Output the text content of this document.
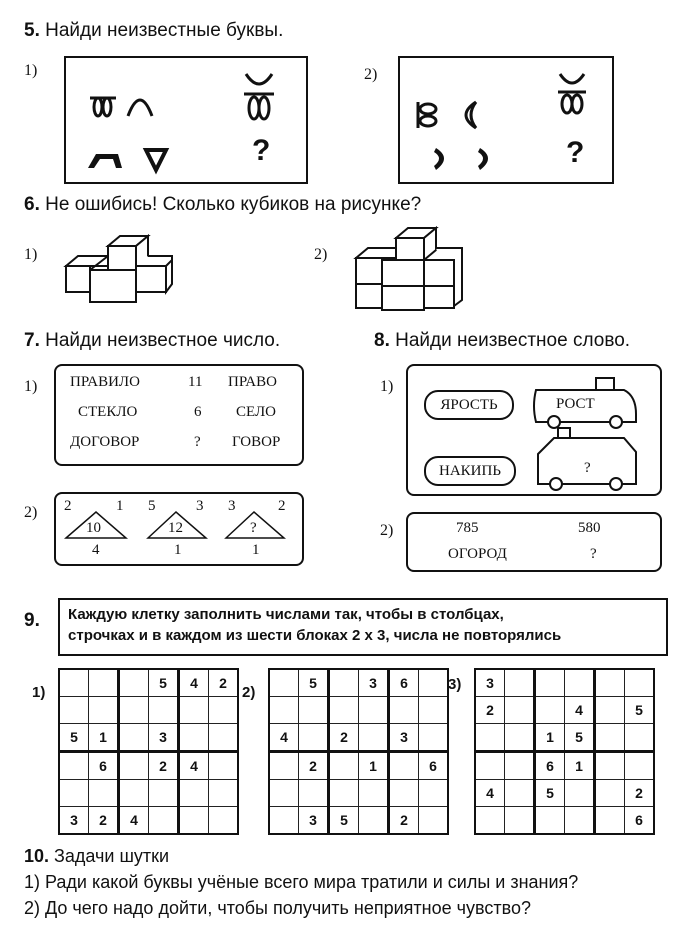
5. Найди неизвестные буквы.
1)
?
2)
?
6. Не ошибись! Сколько кубиков на рисунке?
1)	2)
7. Найди неизвестное число.
1) ПРАВИЛО	11 ПРАВО
СТЕКЛО	6 СЕЛО
ДОГОВОР	? ГОВОР
2) 2	1
10
4
5	3
12
1
3	2
?
1
8. Найди неизвестное слово.
1)
ЯРОСТЬ
НАКИПЬ
РОСТ
?
2)	785	580
ОГОРОД	?
9. Каждую клетку заполнить числами так, чтобы в столбцах,
строчках и в каждом из шести блоках 2 х 3, числа не повторялись
1)
			5	4	2

5	1		3		
	6		2	4	

3	2	4			
2)
	5		3	6	

4		2		3	
	2		1		6

	3	5		2	
3) 3					
2			4		5
		1	5		
		6	1		
4		5			2
					6
10. Задачи шутки
1) Ради какой буквы учёные всего мира тратили и силы и знания?
2) До чего надо дойти, чтобы получить неприятное чувство?
